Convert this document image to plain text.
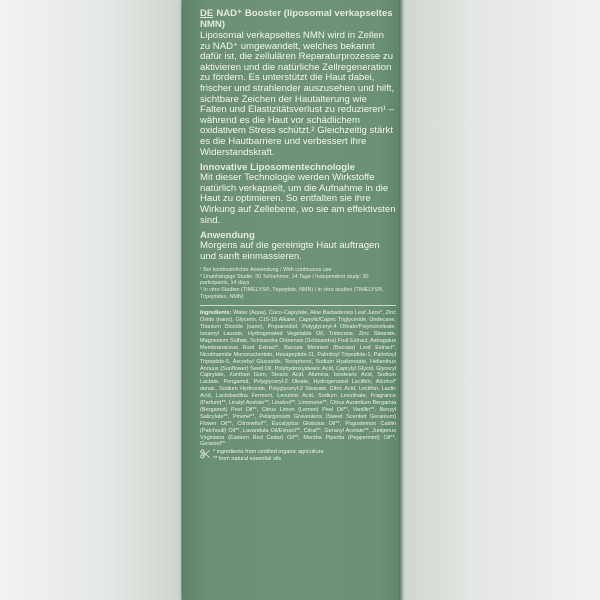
DE NAD⁺ Booster (liposomal verkapseltes NMN)

Liposomal verkapseltes NMN wird in Zellen zu NAD⁺ umgewandelt, welches bekannt dafür ist, die zellulären Reparaturprozesse zu aktivieren und die natürliche Zellregeneration zu fördern. Es unterstützt die Haut dabei, frischer und strahlender auszusehen und hilft, sichtbare Zeichen der Hautalterung wie Falten und Elastizitätsverlust zu reduzieren¹ – während es die Haut vor schädlichem oxidativem Stress schützt.² Gleichzeitig stärkt es die Hautbarriere und verbessert ihre Widerstandskraft.

Innovative Liposomentechnologie

Mit dieser Technologie werden Wirkstoffe natürlich verkapselt, um die Aufnahme in die Haut zu optimieren. So entfalten sie ihre Wirkung auf Zellebene, wo sie am effektivsten sind.

Anwendung

Morgens auf die gereinigte Haut auftragen und sanft einmassieren.

¹ Bei kontinuierlicher Anwendung / With continuous use

² Unabhängige Studie: 30 Teilnehmer, 14 Tage / Independent study: 30 participants, 14 days

³ In vitro-Studien (TIMELYS®, Tripeptide, NMN) / in vitro studies (TIMELYS®, Tripeptides, NMN)

Ingredients: Water (Aqua), Coco-Caprylate, Aloe Barbadensis Leaf Juice*, Zinc Oxide (nano), Glycerin, C15-19 Alkane, Caprylic/Capric Triglyceride, Undecane, Titanium Dioxide (nano), Propanediol, Polyglyceryl-4 Olivate/Polyricinoleate, Isoamyl Laurate, Hydrogenated Vegetable Oil, Tridecane, Zinc Stearate, Magnesium Sulfate, Schisandra Chinensis (Schisandra) Fruit Extract, Astragalus Membranaceus Root Extract*, Bacopa Monnieri (Bacopa) Leaf Extract*, Nicotinamide Mononucleotide, Hexapeptide-11, Palmitoyl Tripeptide-1, Palmitoyl Tripeptide-5, Ascorbyl Glucoside, Tocopherol, Sodium Hyaluronate, Helianthus Annuus (Sunflower) Seed Oil, Polyhydroxystearic Acid, Caprylyl Glycol, Glyceryl Caprylate, Xanthan Gum, Stearic Acid, Alumina, Isostearic Acid, Sodium Lactate, Pongamol, Polyglyceryl-2 Oleate, Hydrogenated Lecithin, Alcohol* denat., Sodium Hydroxide, Polyglyceryl-2 Stearate, Citric Acid, Lecithin, Lactic Acid, Lactobacillus Ferment, Levulinic Acid, Sodium Levulinate, Fragrance (Parfum)**, Linalyl Acetate**, Linalool**, Limonene**, Citrus Aurantium Bergamia (Bergamot) Peel Oil**, Citrus Limon (Lemon) Peel Oil**, Vanillin**, Benzyl Salicylate**, Pinene**, Pelargonium Graveolens (Sweet Scented Geranium) Flower Oil**, Citronellol**, Eucalyptus Globulus Oil**, Pogostemon Cablin (Patchouli) Oil**, Lavandula Oil/Extract**, Citral**, Geranyl Acetate**, Juniperus Virginiana (Eastern Red Cedar) Oil**, Mentha Piperita (Peppermint) Oil**, Geraniol**

* ingredients from certified organic agriculture
** from natural essential oils
